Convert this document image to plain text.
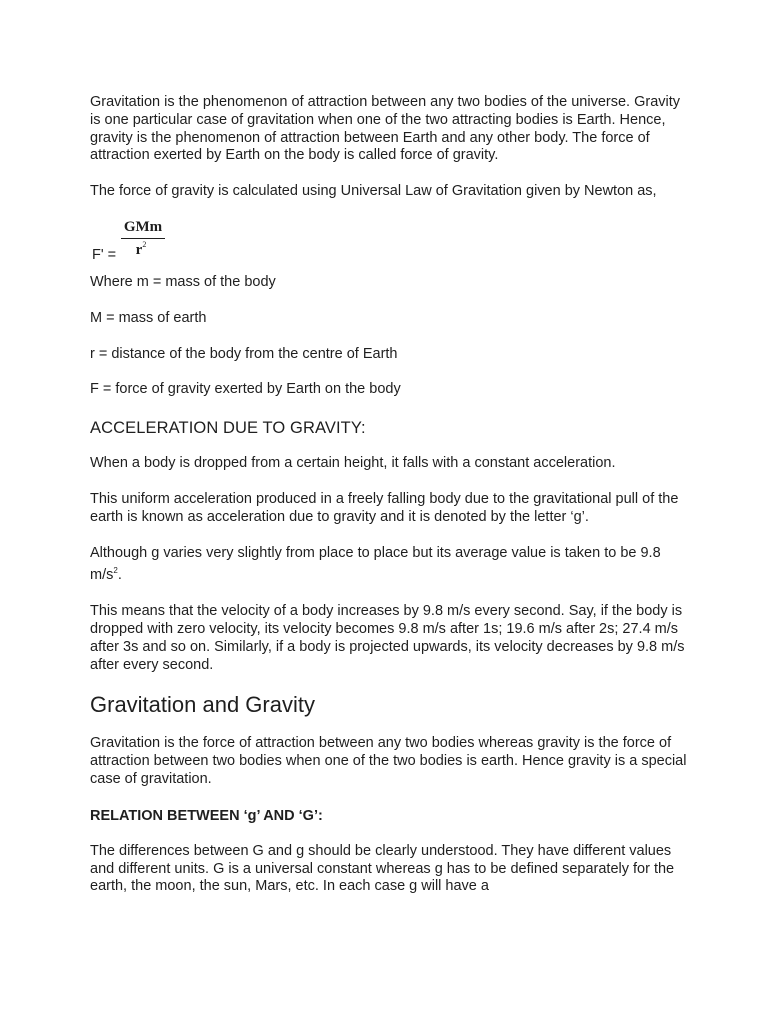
Gravitation is the phenomenon of attraction between any two bodies of the universe. Gravity is one particular case of gravitation when one of the two attracting bodies is Earth. Hence, gravity is the phenomenon of attraction between Earth and any other body. The force of attraction exerted by Earth on the body is called force of gravity.

The force of gravity is calculated using Universal Law of Gravitation given by Newton as,

F' =
GMm
$r^2$

Where m = mass of the body

M = mass of earth

r = distance of the body from the centre of Earth

F = force of gravity exerted by Earth on the body

ACCELERATION DUE TO GRAVITY:

When a body is dropped from a certain height, it falls with a constant acceleration.

This uniform acceleration produced in a freely falling body due to the gravitational pull of the earth is known as acceleration due to gravity and it is denoted by the letter ‘g’.

Although g varies very slightly from place to place but its average value is taken to be 9.8 $m/s^2$.

This means that the velocity of a body increases by 9.8 m/s every second. Say, if the body is dropped with zero velocity, its velocity becomes 9.8 m/s after 1s; 19.6 m/s after 2s; 27.4 m/s after 3s and so on. Similarly, if a body is projected upwards, its velocity decreases by 9.8 m/s after every second.

Gravitation and Gravity

Gravitation is the force of attraction between any two bodies whereas gravity is the force of attraction between two bodies when one of the two bodies is earth. Hence gravity is a special case of gravitation.

RELATION BETWEEN ‘g’ AND ‘G’:

The differences between G and g should be clearly understood. They have different values and different units. G is a universal constant whereas g has to be defined separately for the earth, the moon, the sun, Mars, etc. In each case g will have a
